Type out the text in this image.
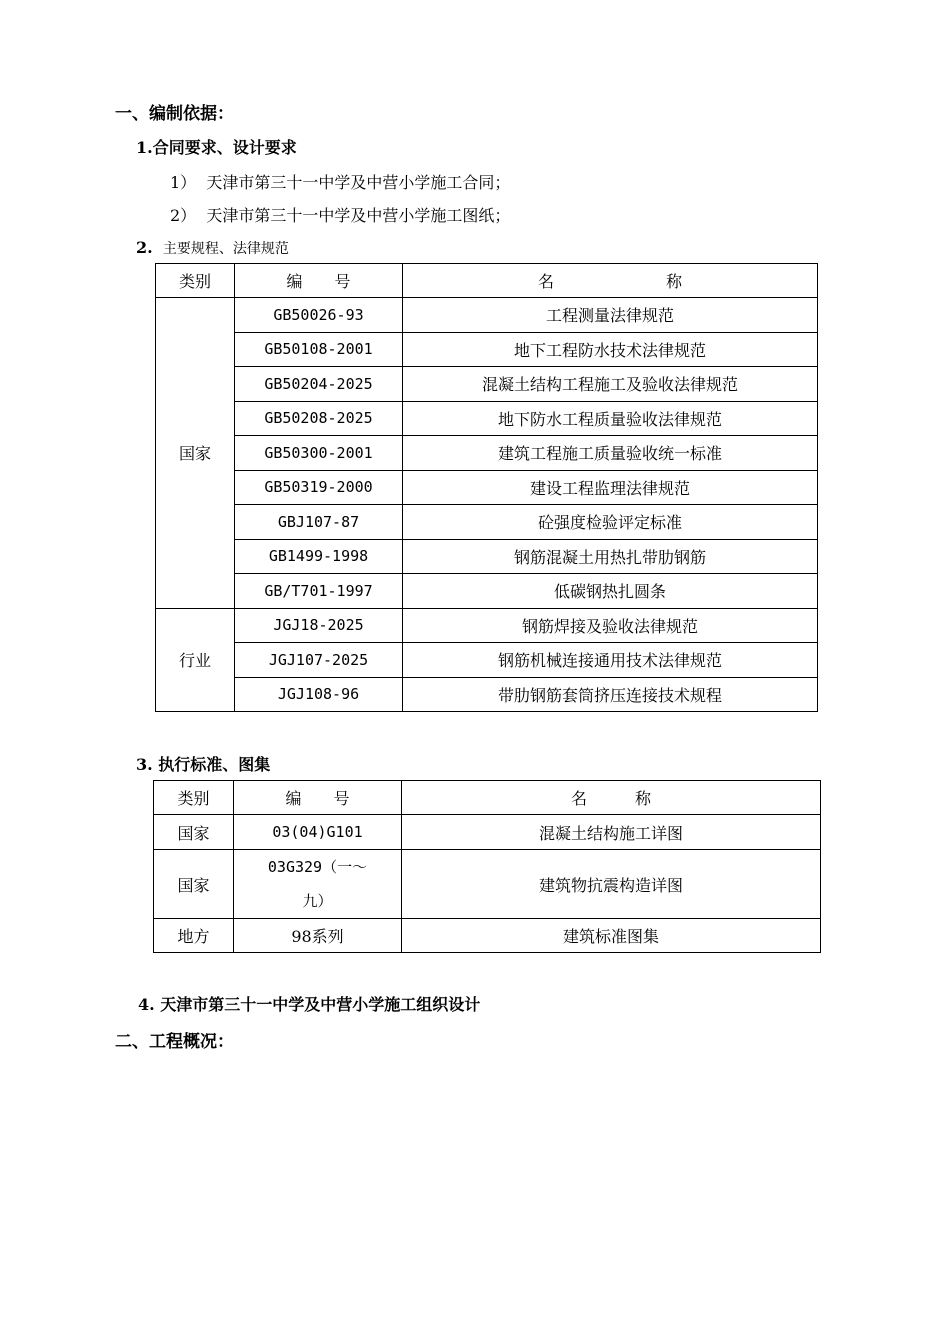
一、编制依据：
1.合同要求、设计要求
1） 天津市第三十一中学及中营小学施工合同；
2） 天津市第三十一中学及中营小学施工图纸；
2. 主要规程、法律规范
类别	编　　号	名　　　　　　　称
国家	GB50026-93	工程测量法律规范
	GB50108-2001	地下工程防水技术法律规范
	GB50204-2025	混凝土结构工程施工及验收法律规范
	GB50208-2025	地下防水工程质量验收法律规范
	GB50300-2001	建筑工程施工质量验收统一标准
	GB50319-2000	建设工程监理法律规范
	GBJ107-87	砼强度检验评定标准
	GB1499-1998	钢筋混凝土用热扎带肋钢筋
	GB/T701-1997	低碳钢热扎圆条
行业	JGJ18-2025	钢筋焊接及验收法律规范
	JGJ107-2025	钢筋机械连接通用技术法律规范
	JGJ108-96	带肋钢筋套筒挤压连接技术规程
3. 执行标准、图集
类别	编　　号	名　　　称
国家	03(04)G101	混凝土结构施工详图
国家	03G329（一～九）	建筑物抗震构造详图
地方	98系列	建筑标准图集
4. 天津市第三十一中学及中营小学施工组织设计
二、工程概况：
